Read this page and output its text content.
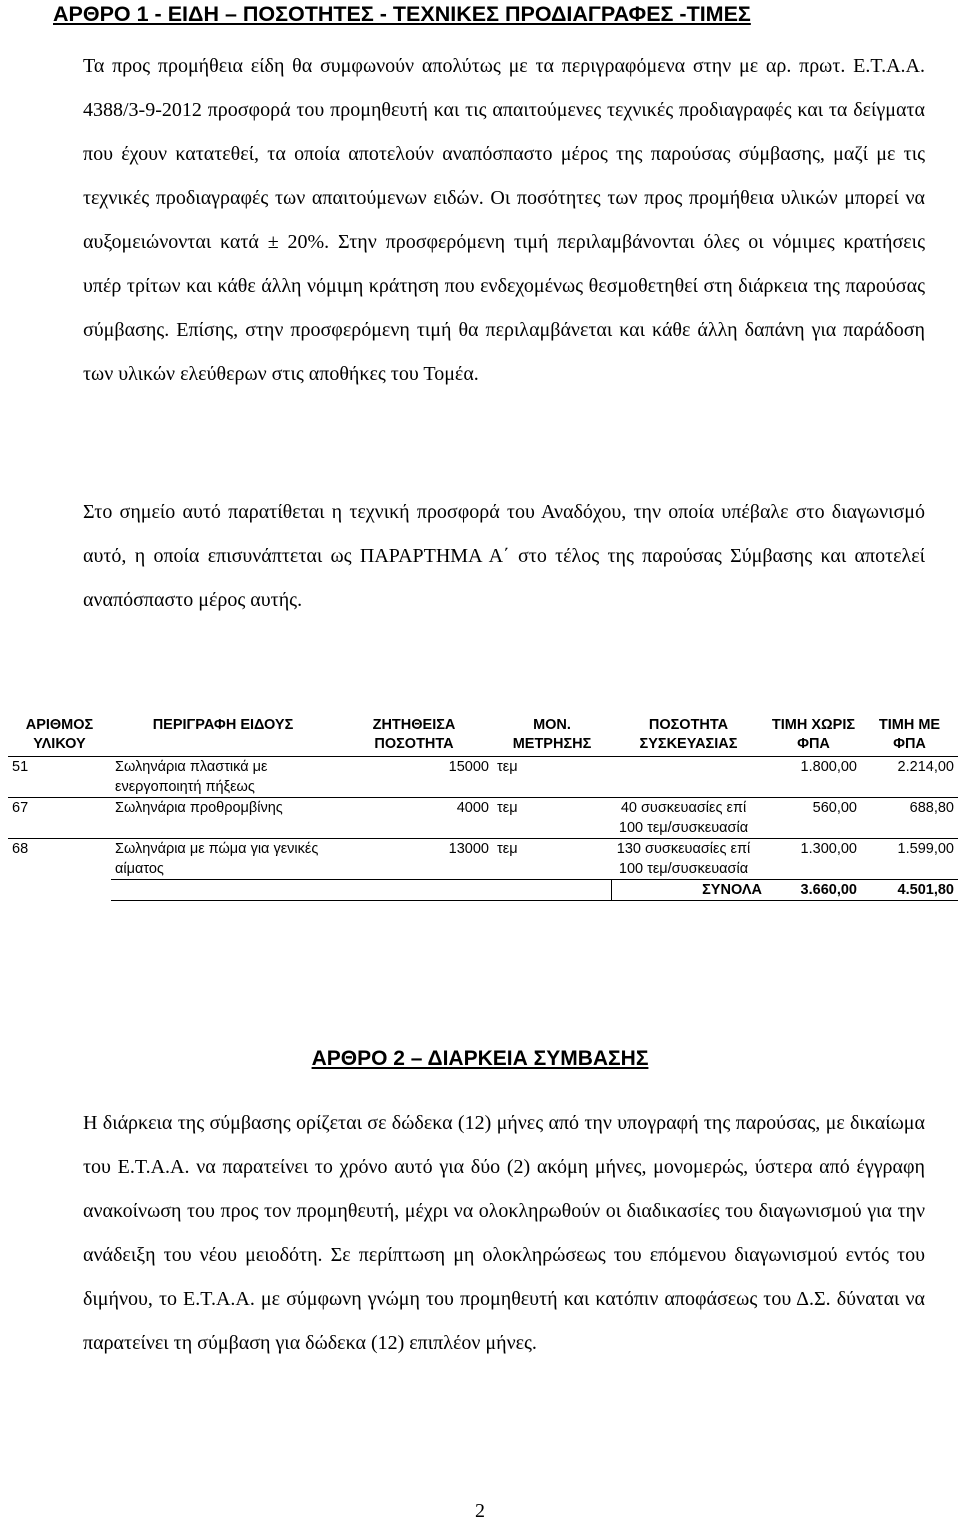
ΑΡΘΡΟ 1 - ΕΙΔΗ – ΠΟΣΟΤΗΤΕΣ - ΤΕΧΝΙΚΕΣ ΠΡΟΔΙΑΓΡΑΦΕΣ -ΤΙΜΕΣ

Τα προς προμήθεια είδη θα συμφωνούν απολύτως με τα περιγραφόμενα στην με αρ. πρωτ. Ε.Τ.Α.Α. 4388/3-9-2012 προσφορά του προμηθευτή και τις απαιτούμενες τεχνικές προδιαγραφές και τα δείγματα που έχουν κατατεθεί, τα οποία αποτελούν αναπόσπαστο μέρος της παρούσας σύμβασης, μαζί με τις τεχνικές προδιαγραφές των απαιτούμενων ειδών. Οι ποσότητες των προς προμήθεια υλικών μπορεί να αυξομειώνονται κατά ± 20%. Στην προσφερόμενη τιμή περιλαμβάνονται όλες οι νόμιμες κρατήσεις υπέρ τρίτων και κάθε άλλη νόμιμη κράτηση που ενδεχομένως θεσμοθετηθεί στη διάρκεια της παρούσας σύμβασης. Επίσης, στην προσφερόμενη τιμή θα περιλαμβάνεται και κάθε άλλη δαπάνη για παράδοση των υλικών ελεύθερων στις αποθήκες του Τομέα.

Στο σημείο αυτό παρατίθεται η τεχνική προσφορά του Αναδόχου, την οποία υπέβαλε στο διαγωνισμό αυτό, η οποία επισυνάπτεται ως ΠΑΡΑΡΤΗΜΑ Α΄ στο τέλος της παρούσας Σύμβασης και αποτελεί αναπόσπαστο μέρος αυτής.

ΑΡΙΘΜΟΣ ΥΛΙΚΟΥ	ΠΕΡΙΓΡΑΦΗ ΕΙΔΟΥΣ	ΖΗΤΗΘΕΙΣΑ ΠΟΣΟΤΗΤΑ	ΜΟΝ. ΜΕΤΡΗΣΗΣ	ΠΟΣΟΤΗΤΑ ΣΥΣΚΕΥΑΣΙΑΣ	ΤΙΜΗ ΧΩΡΙΣ ΦΠΑ	ΤΙΜΗ ΜΕ ΦΠΑ
51	Σωληνάρια πλαστικά με ενεργοποιητή πήξεως	15000	τεμ		1.800,00	2.214,00
67	Σωληνάρια προθρομβίνης	4000	τεμ	40 συσκευασίες επί 100 τεμ/συσκευασία	560,00	688,80
68	Σωληνάρια με πώμα για γενικές αίματος	13000	τεμ	130 συσκευασίες επί 100 τεμ/συσκευασία	1.300,00	1.599,00
				ΣΥΝΟΛΑ	3.660,00	4.501,80
ΑΡΘΡΟ 2 – ΔΙΑΡΚΕΙΑ ΣΥΜΒΑΣΗΣ

Η διάρκεια της σύμβασης ορίζεται σε δώδεκα (12) μήνες από την υπογραφή της παρούσας, με δικαίωμα του Ε.Τ.Α.Α. να παρατείνει το χρόνο αυτό για δύο (2) ακόμη μήνες, μονομερώς, ύστερα από έγγραφη ανακοίνωση του προς τον προμηθευτή, μέχρι να ολοκληρωθούν οι διαδικασίες του διαγωνισμού για την ανάδειξη του νέου μειοδότη. Σε περίπτωση μη ολοκληρώσεως του επόμενου διαγωνισμού εντός του διμήνου, το Ε.Τ.Α.Α. με σύμφωνη γνώμη του προμηθευτή και κατόπιν αποφάσεως του Δ.Σ. δύναται να παρατείνει τη σύμβαση για δώδεκα (12) επιπλέον μήνες.

2
